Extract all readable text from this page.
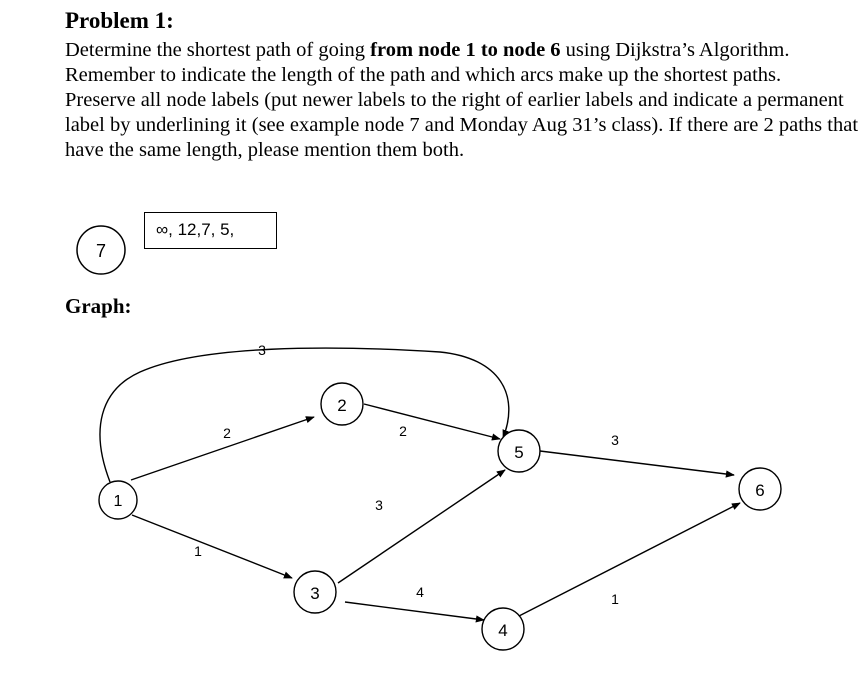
Problem 1:

Determine the shortest path of going from node 1 to node 6 using Dijkstra’s Algorithm. Remember to indicate the length of the path and which arcs make up the shortest paths.

Preserve all node labels (put newer labels to the right of earlier labels and indicate a permanent label by underlining it (see example node 7 and Monday Aug 31’s class). If there are 2 paths that have the same length, please mention them both.

∞, 12,7, 5,
Graph:
7
3
2
1
2
3
4
3
1
1
2
3
4
5
6
